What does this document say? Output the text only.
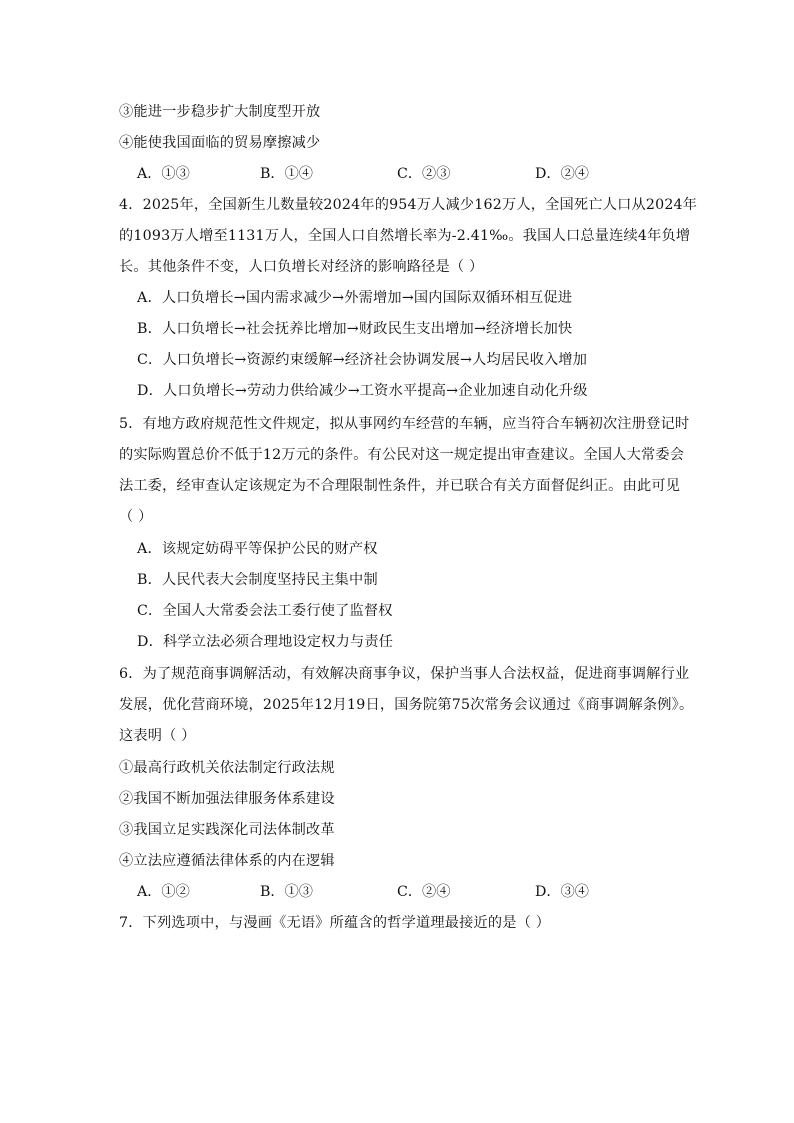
③能进一步稳步扩大制度型开放
④能使我国面临的贸易摩擦减少
A．①③	B．①④	C．②③	D．②④
4．2025年，全国新生儿数量较2024年的954万人减少162万人，全国死亡人口从2024年
的1093万人增至1131万人，全国人口自然增长率为-2.41‰。我国人口总量连续4年负增
长。其他条件不变，人口负增长对经济的影响路径是（ ）
A．人口负增长→国内需求减少→外需增加→国内国际双循环相互促进
B．人口负增长→社会抚养比增加→财政民生支出增加→经济增长加快
C．人口负增长→资源约束缓解→经济社会协调发展→人均居民收入增加
D．人口负增长→劳动力供给减少→工资水平提高→企业加速自动化升级
5．有地方政府规范性文件规定，拟从事网约车经营的车辆，应当符合车辆初次注册登记时
的实际购置总价不低于12万元的条件。有公民对这一规定提出审查建议。全国人大常委会
法工委，经审查认定该规定为不合理限制性条件，并已联合有关方面督促纠正。由此可见
（ ）
A．该规定妨碍平等保护公民的财产权
B．人民代表大会制度坚持民主集中制
C．全国人大常委会法工委行使了监督权
D．科学立法必须合理地设定权力与责任
6．为了规范商事调解活动，有效解决商事争议，保护当事人合法权益，促进商事调解行业
发展，优化营商环境，2025年12月19日，国务院第75次常务会议通过《商事调解条例》。
这表明（ ）
①最高行政机关依法制定行政法规
②我国不断加强法律服务体系建设
③我国立足实践深化司法体制改革
④立法应遵循法律体系的内在逻辑
A．①②	B．①③	C．②④	D．③④
7．下列选项中，与漫画《无语》所蕴含的哲学道理最接近的是（ ）
